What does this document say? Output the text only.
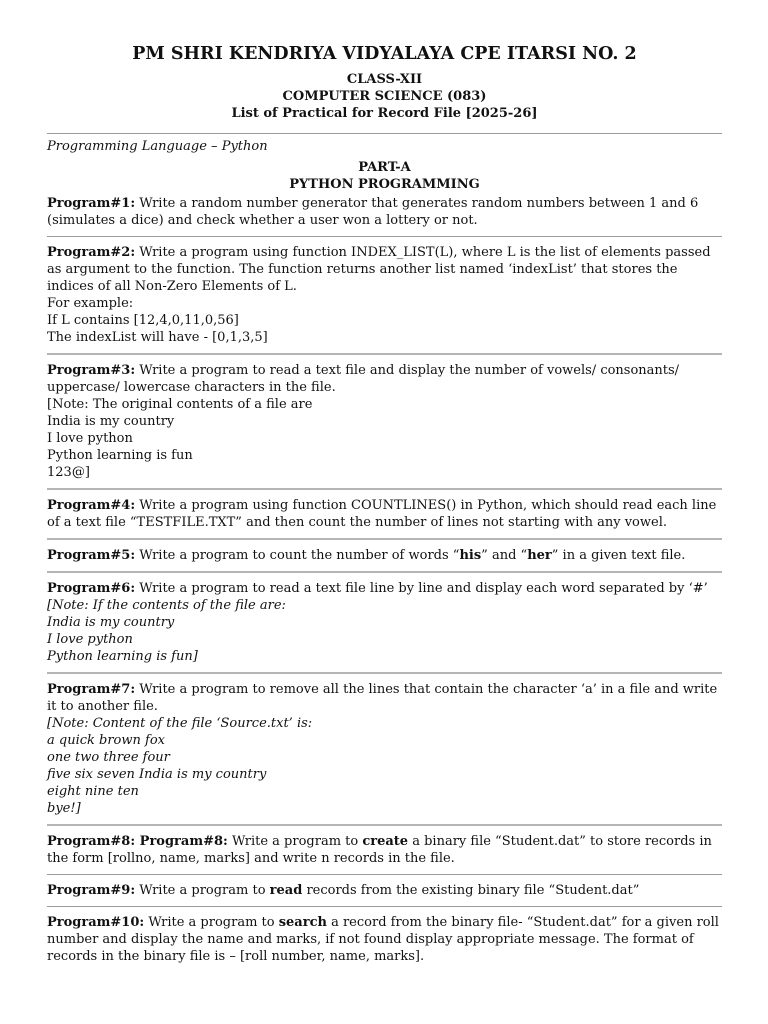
PM SHRI KENDRIYA VIDYALAYA CPE ITARSI NO. 2
CLASS-XII
COMPUTER SCIENCE (083)
List of Practical for Record File [2025-26]
Programming Language – Python
PART-A
PYTHON PROGRAMMING
Program#1: Write a random number generator that generates random numbers between 1 and 6 (simulates a dice) and check whether a user won a lottery or not.
Program#2: Write a program using function INDEX_LIST(L), where L is the list of elements passed as argument to the function. The function returns another list named ‘indexList’ that stores the indices of all Non-Zero Elements of L.
For example:
If L contains [12,4,0,11,0,56]
The indexList will have - [0,1,3,5]
Program#3: Write a program to read a text file and display the number of vowels/ consonants/ uppercase/ lowercase characters in the file.
[Note: The original contents of a file are
India is my country
I love python
Python learning is fun
123@]
Program#4: Write a program using function COUNTLINES() in Python, which should read each line of a text file “TESTFILE.TXT” and then count the number of lines not starting with any vowel.
Program#5: Write a program to count the number of words “his” and “her” in a given text file.
Program#6: Write a program to read a text file line by line and display each word separated by ‘#’
[Note: If the contents of the file are:
India is my country
I love python
Python learning is fun]
Program#7: Write a program to remove all the lines that contain the character ‘a’ in a file and write it to another file.
[Note: Content of the file ‘Source.txt’ is:
a quick brown fox
one two three four
five six seven India is my country
eight nine ten
bye!]
Program#8: Program#8: Write a program to create a binary file “Student.dat” to store records in the form [rollno, name, marks] and write n records in the file.
Program#9: Write a program to read records from the existing binary file “Student.dat”
Program#10: Write a program to search a record from the binary file- “Student.dat” for a given roll number and display the name and marks, if not found display appropriate message. The format of records in the binary file is – [roll number, name, marks].
